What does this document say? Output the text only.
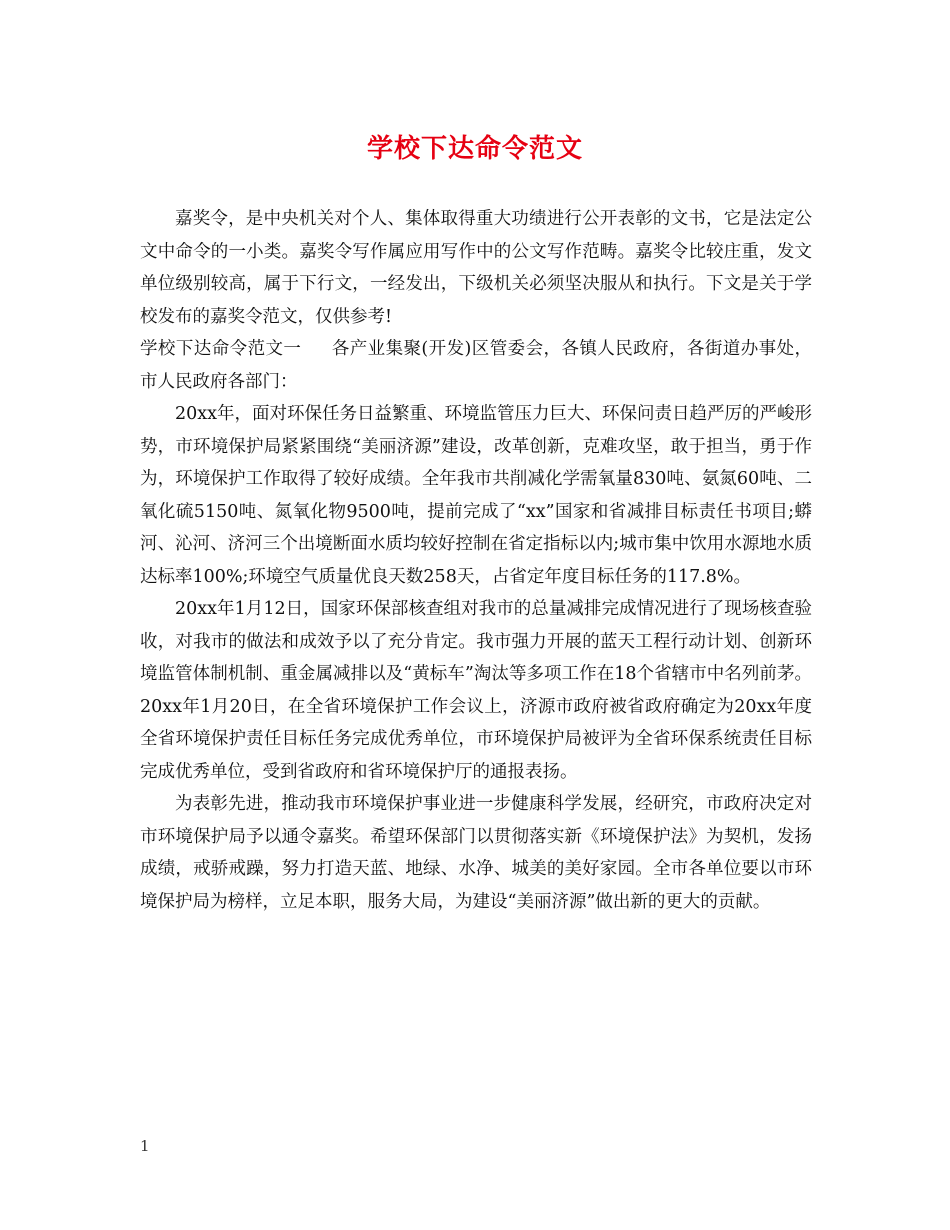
学校下达命令范文

嘉奖令，是中央机关对个人、集体取得重大功绩进行公开表彰的文书，它是法定公文中命令的一小类。嘉奖令写作属应用写作中的公文写作范畴。嘉奖令比较庄重，发文单位级别较高，属于下行文，一经发出，下级机关必须坚决服从和执行。下文是关于学校发布的嘉奖令范文，仅供参考!

学校下达命令范文一 各产业集聚(开发)区管委会，各镇人民政府，各街道办事处，市人民政府各部门：

20xx年，面对环保任务日益繁重、环境监管压力巨大、环保问责日趋严厉的严峻形势，市环境保护局紧紧围绕“美丽济源”建设，改革创新，克难攻坚，敢于担当，勇于作为，环境保护工作取得了较好成绩。全年我市共削减化学需氧量830吨、氨氮60吨、二氧化硫5150吨、氮氧化物9500吨，提前完成了“xx”国家和省减排目标责任书项目;蟒河、沁河、济河三个出境断面水质均较好控制在省定指标以内;城市集中饮用水源地水质达标率100%;环境空气质量优良天数258天，占省定年度目标任务的117.8%。

20xx年1月12日，国家环保部核查组对我市的总量减排完成情况进行了现场核查验收，对我市的做法和成效予以了充分肯定。我市强力开展的蓝天工程行动计划、创新环境监管体制机制、重金属减排以及“黄标车”淘汰等多项工作在18个省辖市中名列前茅。20xx年1月20日，在全省环境保护工作会议上，济源市政府被省政府确定为20xx年度全省环境保护责任目标任务完成优秀单位，市环境保护局被评为全省环保系统责任目标完成优秀单位，受到省政府和省环境保护厅的通报表扬。

为表彰先进，推动我市环境保护事业进一步健康科学发展，经研究，市政府决定对市环境保护局予以通令嘉奖。希望环保部门以贯彻落实新《环境保护法》为契机，发扬成绩，戒骄戒躁，努力打造天蓝、地绿、水净、城美的美好家园。全市各单位要以市环境保护局为榜样，立足本职，服务大局，为建设“美丽济源”做出新的更大的贡献。

1
